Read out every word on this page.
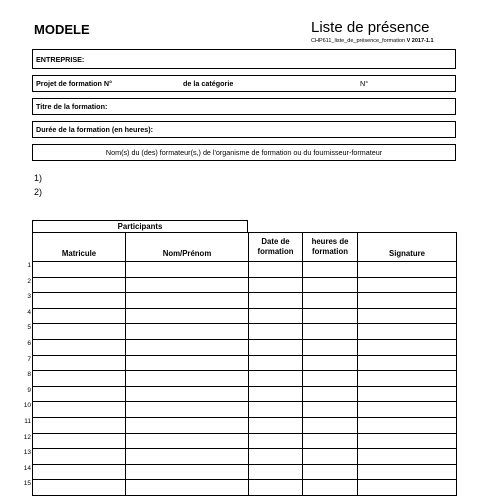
MODELE	Liste de présence
CHP611_liste_de_présence_formation V 2017-1.1
ENTREPRISE:
Projet de formation N°	de la catégorie	N°
Titre de la formation:
Durée de la formation (en heures):
Nom(s) du (des) formateur(s,) de l'organisme de formation ou du fournisseur-formateur
1)
2)
Participants
Matricule	Nom/Prénom	Date de formation	heures de formation	Signature

1
2
3
4
5
6
7
8
9
10
11
12
13
14
15
